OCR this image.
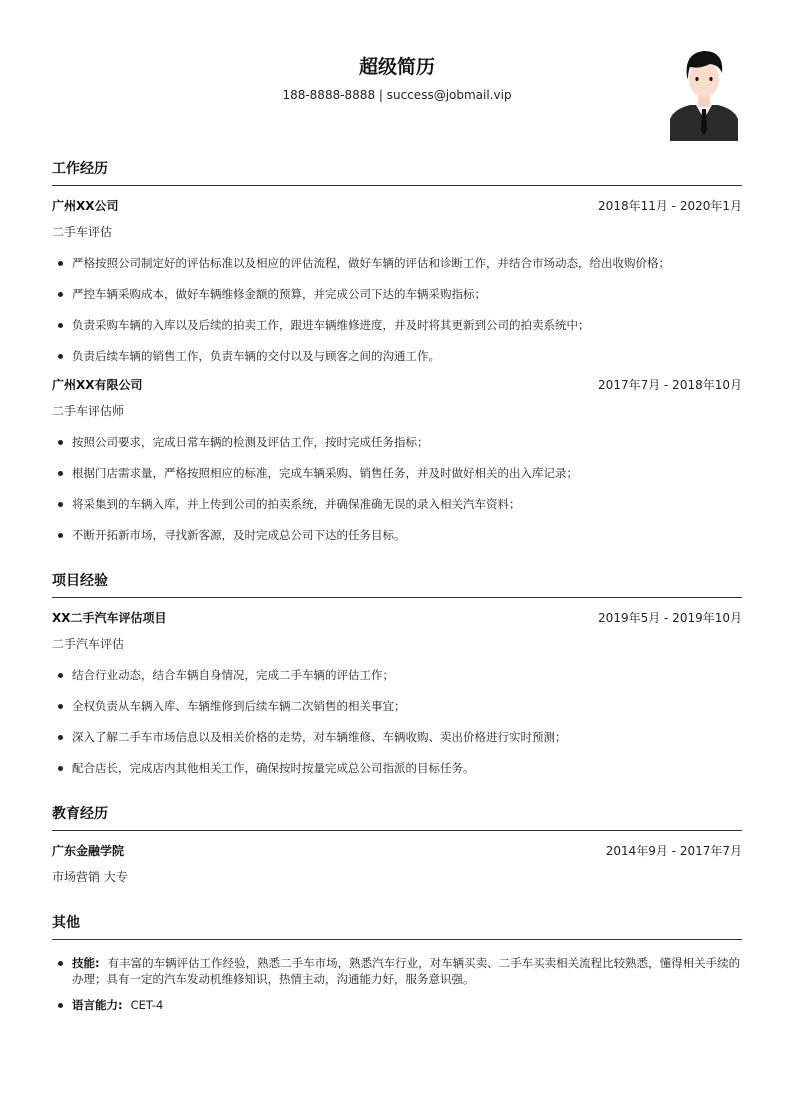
超级简历
188-8888-8888 | success@jobmail.vip
工作经历
广州XX公司	2018年11月 - 2020年1月
二手车评估
严格按照公司制定好的评估标准以及相应的评估流程，做好车辆的评估和诊断工作，并结合市场动态，给出收购价格；
严控车辆采购成本，做好车辆维修金额的预算，并完成公司下达的车辆采购指标；
负责采购车辆的入库以及后续的拍卖工作，跟进车辆维修进度，并及时将其更新到公司的拍卖系统中；
负责后续车辆的销售工作，负责车辆的交付以及与顾客之间的沟通工作。
广州XX有限公司	2017年7月 - 2018年10月
二手车评估师
按照公司要求，完成日常车辆的检测及评估工作，按时完成任务指标；
根据门店需求量，严格按照相应的标准，完成车辆采购、销售任务，并及时做好相关的出入库记录；
将采集到的车辆入库，并上传到公司的拍卖系统，并确保准确无误的录入相关汽车资料；
不断开拓新市场，寻找新客源，及时完成总公司下达的任务目标。
项目经验
XX二手汽车评估项目	2019年5月 - 2019年10月
二手汽车评估
结合行业动态，结合车辆自身情况，完成二手车辆的评估工作；
全权负责从车辆入库、车辆维修到后续车辆二次销售的相关事宜；
深入了解二手车市场信息以及相关价格的走势，对车辆维修、车辆收购、卖出价格进行实时预测；
配合店长，完成店内其他相关工作，确保按时按量完成总公司指派的目标任务。
教育经历
广东金融学院	2014年9月 - 2017年7月
市场营销 大专
其他
技能: 有丰富的车辆评估工作经验，熟悉二手车市场，熟悉汽车行业，对车辆买卖、二手车买卖相关流程比较熟悉，懂得相关手续的办理；具有一定的汽车发动机维修知识，热情主动，沟通能力好，服务意识强。
语言能力: CET-4
